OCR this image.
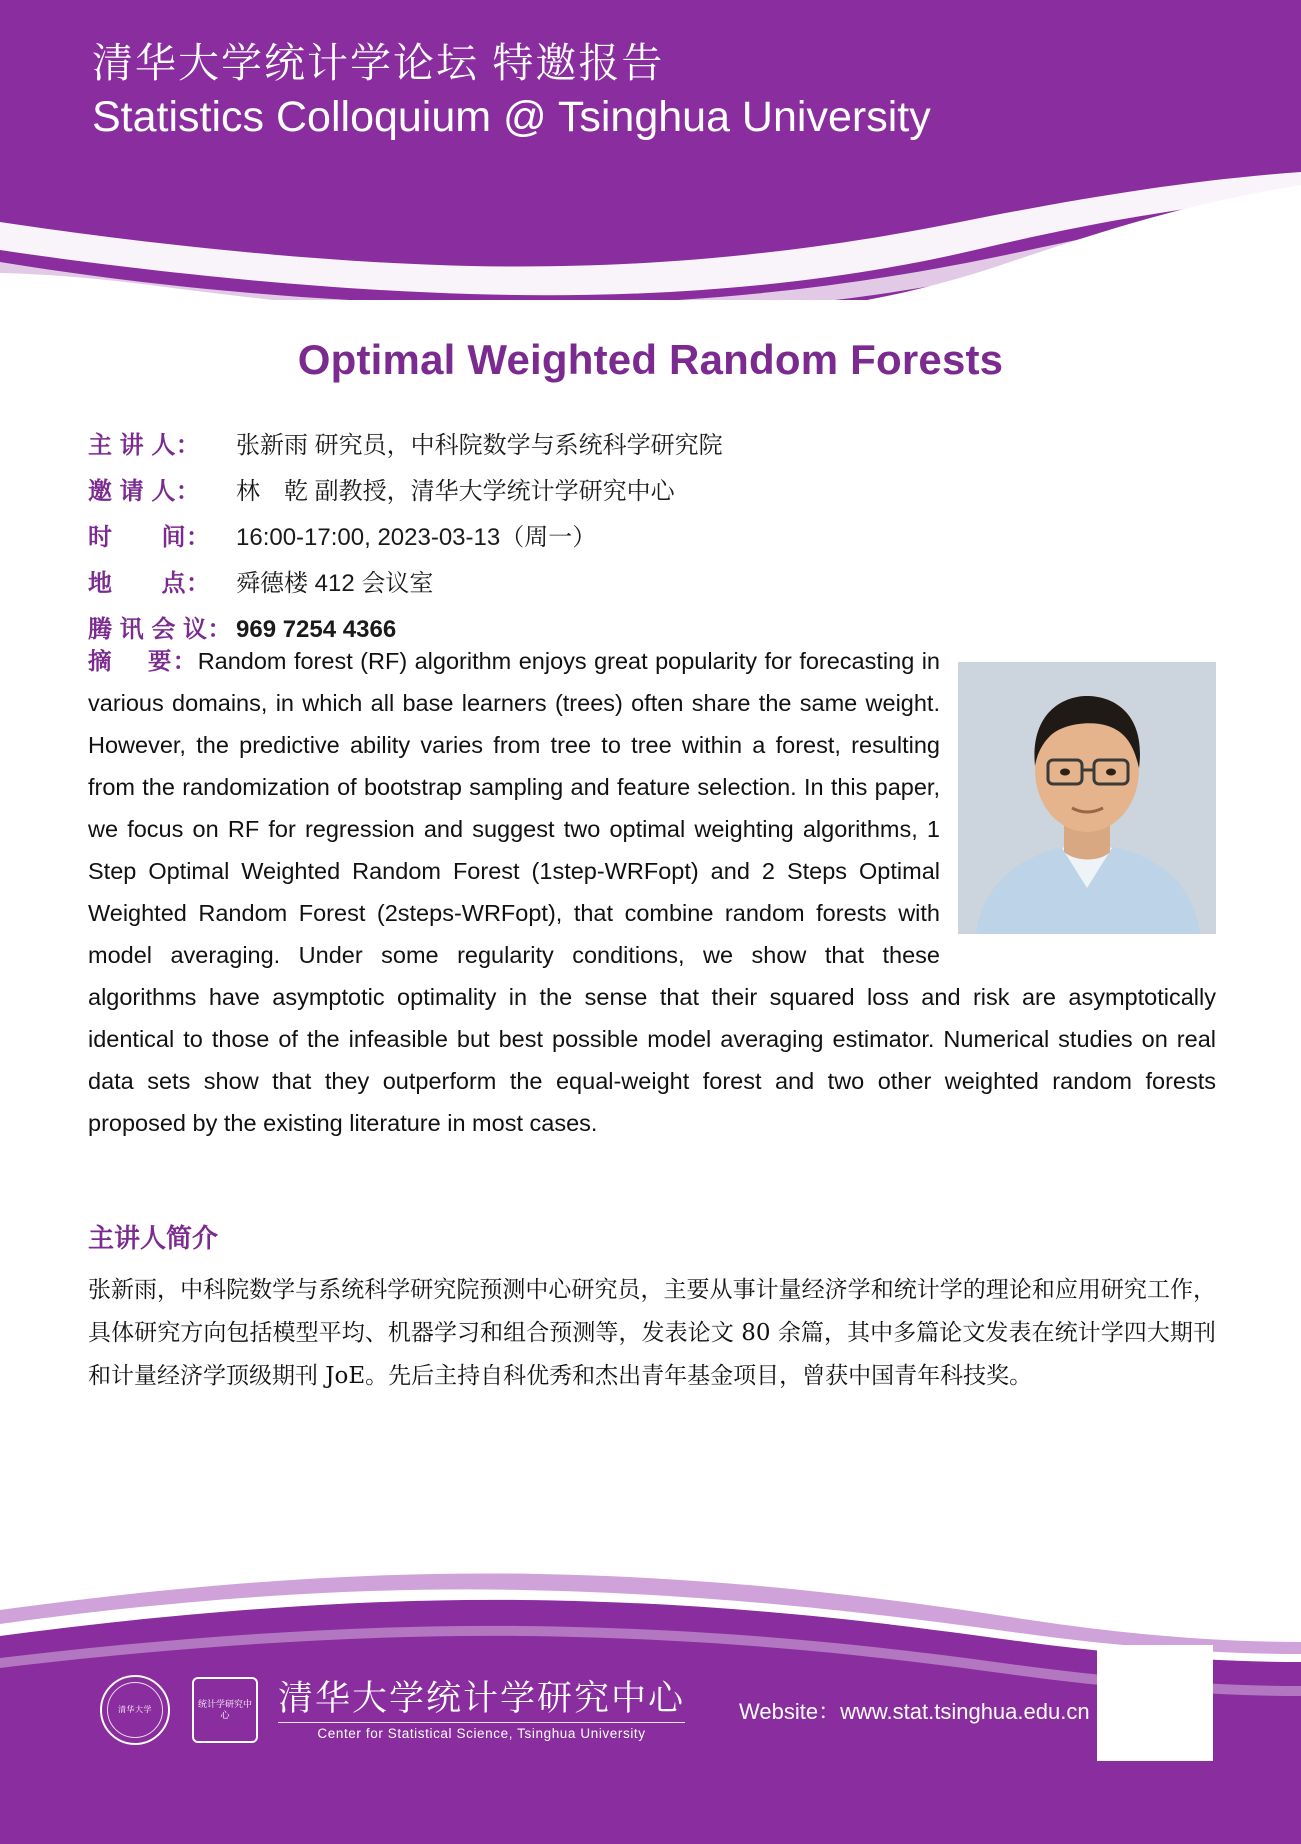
清华大学统计学论坛 特邀报告
Statistics Colloquium @ Tsinghua University
Optimal Weighted Random Forests
主 讲 人：	张新雨 研究员，中科院数学与系统科学研究院
邀 请 人：	林　乾 副教授，清华大学统计学研究中心
时　　间：	16:00-17:00, 2023-03-13（周一）
地　　点：	舜德楼 412 会议室
腾 讯 会 议： 969 7254 4366
摘 要：Random forest (RF) algorithm enjoys great popularity for forecasting in various domains, in which all base learners (trees) often share the same weight. However, the predictive ability varies from tree to tree within a forest, resulting from the randomization of bootstrap sampling and feature selection. In this paper, we focus on RF for regression and suggest two optimal weighting algorithms, 1 Step Optimal Weighted Random Forest (1step-WRFopt) and 2 Steps Optimal Weighted Random Forest (2steps-WRFopt), that combine random forests with model averaging. Under some regularity conditions, we show that these algorithms have asymptotic optimality in the sense that their squared loss and risk are asymptotically identical to those of the infeasible but best possible model averaging estimator. Numerical studies on real data sets show that they outperform the equal-weight forest and two other weighted random forests proposed by the existing literature in most cases.
主讲人简介
张新雨，中科院数学与系统科学研究院预测中心研究员，主要从事计量经济学和统计学的理论和应用研究工作，具体研究方向包括模型平均、机器学习和组合预测等，发表论文 80 余篇，其中多篇论文发表在统计学四大期刊和计量经济学顶级期刊 JoE。先后主持自科优秀和杰出青年基金项目，曾获中国青年科技奖。
清华大学
统计学研究中心	清华大学统计学研究中心
Center for Statistical Science, Tsinghua University
Website：www.stat.tsinghua.edu.cn
